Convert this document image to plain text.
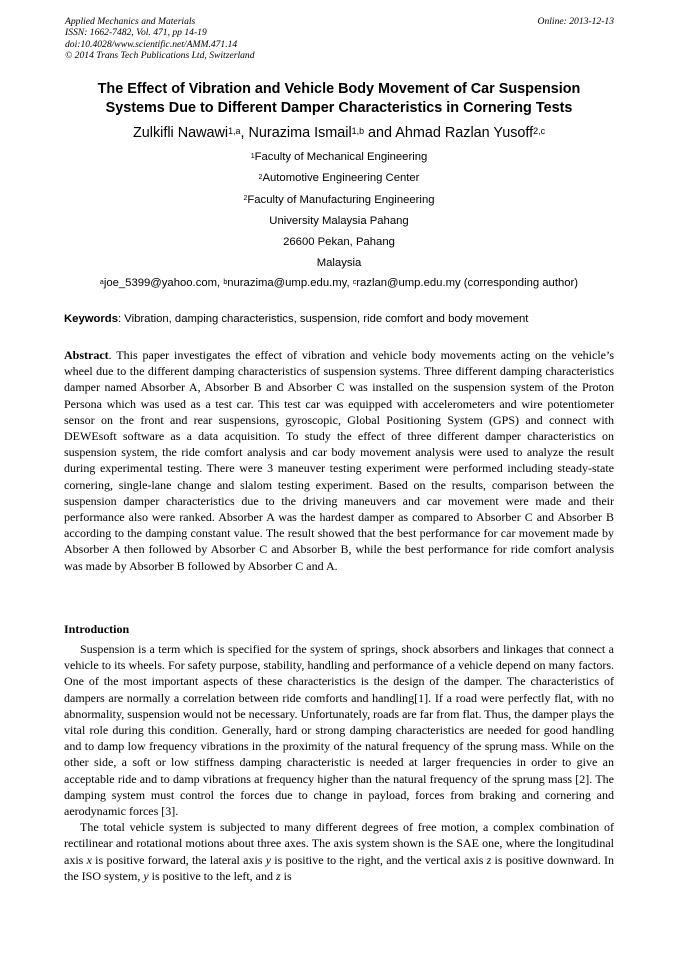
Applied Mechanics and Materials
ISSN: 1662-7482, Vol. 471, pp 14-19
doi:10.4028/www.scientific.net/AMM.471.14
© 2014 Trans Tech Publications Ltd, Switzerland
Online: 2013-12-13
The Effect of Vibration and Vehicle Body Movement of Car Suspension
Systems Due to Different Damper Characteristics in Cornering Tests
Zulkifli Nawawi$^{1,a}$, Nurazima Ismail$^{1,b}$ and Ahmad Razlan Yusoff$^{2,c}$
$^1$Faculty of Mechanical Engineering
$^2$Automotive Engineering Center
$^2$Faculty of Manufacturing Engineering
University Malaysia Pahang
26600 Pekan, Pahang
Malaysia
$^a$joe_5399@yahoo.com, $^b$nurazima@ump.edu.my, $^c$razlan@ump.edu.my (corresponding author)
Keywords: Vibration, damping characteristics, suspension, ride comfort and body movement
Abstract. This paper investigates the effect of vibration and vehicle body movements acting on the vehicle’s wheel due to the different damping characteristics of suspension systems. Three different damping characteristics damper named Absorber A, Absorber B and Absorber C was installed on the suspension system of the Proton Persona which was used as a test car. This test car was equipped with accelerometers and wire potentiometer sensor on the front and rear suspensions, gyroscopic, Global Positioning System (GPS) and connect with DEWEsoft software as a data acquisition. To study the effect of three different damper characteristics on suspension system, the ride comfort analysis and car body movement analysis were used to analyze the result during experimental testing. There were 3 maneuver testing experiment were performed including steady-state cornering, single-lane change and slalom testing experiment. Based on the results, comparison between the suspension damper characteristics due to the driving maneuvers and car movement were made and their performance also were ranked. Absorber A was the hardest damper as compared to Absorber C and Absorber B according to the damping constant value. The result showed that the best performance for car movement made by Absorber A then followed by Absorber C and Absorber B, while the best performance for ride comfort analysis was made by Absorber B followed by Absorber C and A.
Introduction

Suspension is a term which is specified for the system of springs, shock absorbers and linkages that connect a vehicle to its wheels. For safety purpose, stability, handling and performance of a vehicle depend on many factors. One of the most important aspects of these characteristics is the design of the damper. The characteristics of dampers are normally a correlation between ride comforts and handling[1]. If a road were perfectly flat, with no abnormality, suspension would not be necessary. Unfortunately, roads are far from flat. Thus, the damper plays the vital role during this condition. Generally, hard or strong damping characteristics are needed for good handling and to damp low frequency vibrations in the proximity of the natural frequency of the sprung mass. While on the other side, a soft or low stiffness damping characteristic is needed at larger frequencies in order to give an acceptable ride and to damp vibrations at frequency higher than the natural frequency of the sprung mass [2]. The damping system must control the forces due to change in payload, forces from braking and cornering and aerodynamic forces [3].

The total vehicle system is subjected to many different degrees of free motion, a complex combination of rectilinear and rotational motions about three axes. The axis system shown is the SAE one, where the longitudinal axis x is positive forward, the lateral axis y is positive to the right, and the vertical axis z is positive downward. In the ISO system, y is positive to the left, and z is
